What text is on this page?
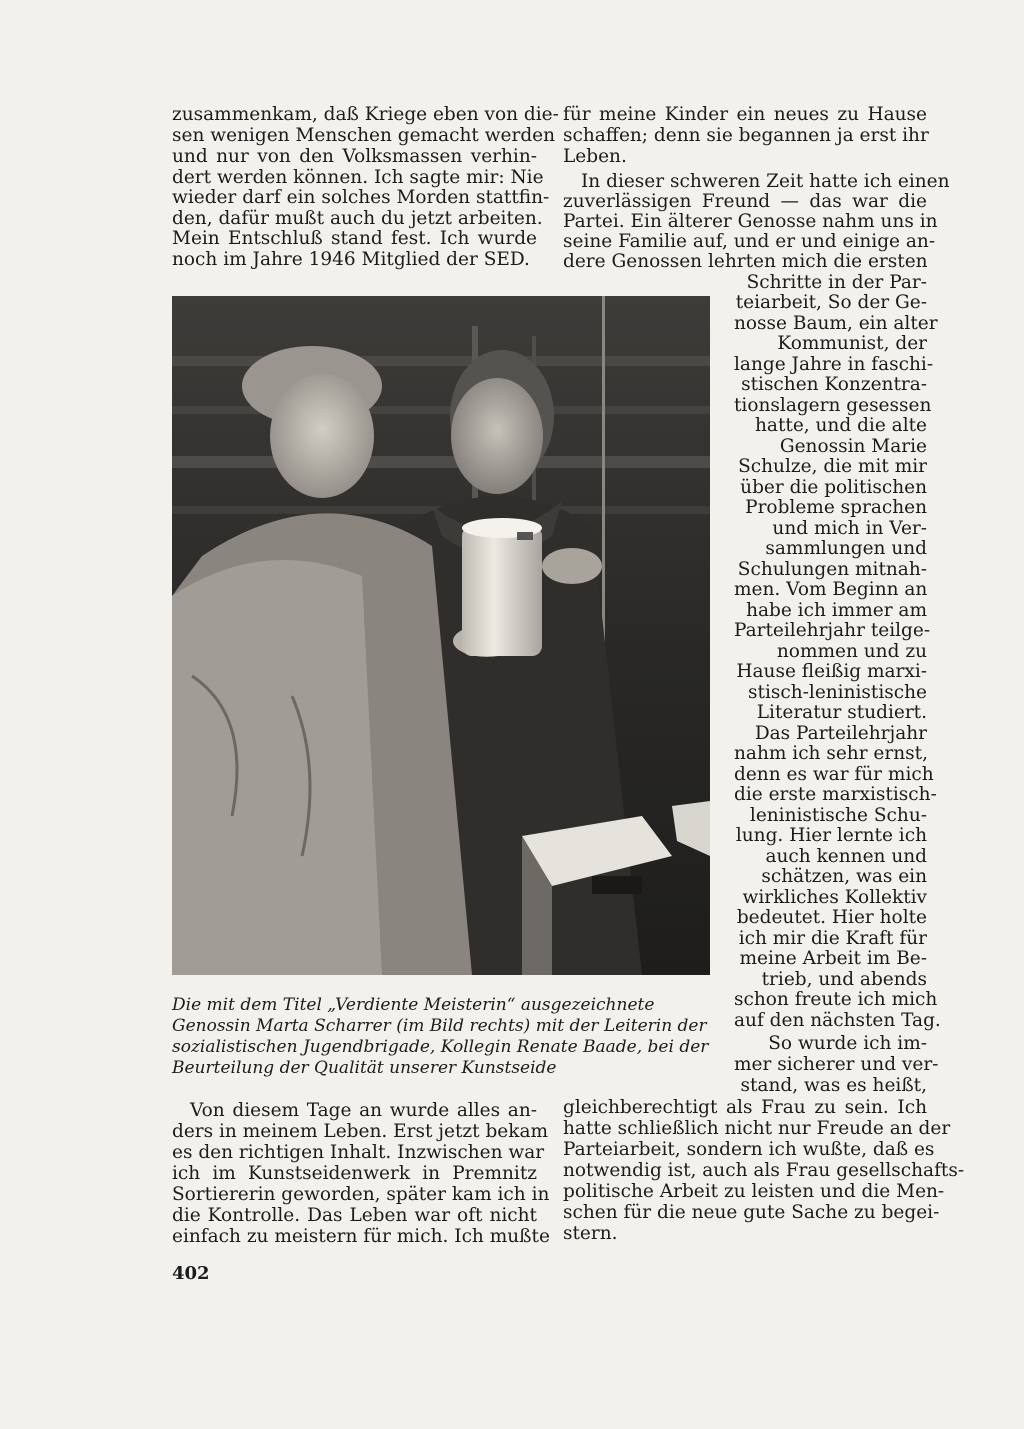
zusammenkam, daß Kriege eben von die-
sen wenigen Menschen gemacht werden
und nur von den Volksmassen verhin-
dert werden können. Ich sagte mir: Nie
wieder darf ein solches Morden stattfin-
den, dafür mußt auch du jetzt arbeiten.
Mein Entschluß stand fest. Ich wurde
noch im Jahre 1946 Mitglied der SED.
für meine Kinder ein neues zu Hause
schaffen; denn sie begannen ja erst ihr
Leben.
In dieser schweren Zeit hatte ich einen
zuverlässigen Freund — das war die
Partei. Ein älterer Genosse nahm uns in
seine Familie auf, und er und einige an-
dere Genossen lehrten mich die ersten
Schritte in der Par-
teiarbeit, So der Ge-
nosse Baum, ein alter
Kommunist, der
lange Jahre in faschi-
stischen Konzentra-
tionslagern gesessen
hatte, und die alte
Genossin Marie
Schulze, die mit mir
über die politischen
Probleme sprachen
und mich in Ver-
sammlungen und
Schulungen mitnah-
men. Vom Beginn an
habe ich immer am
Parteilehrjahr teilge-
nommen und zu
Hause fleißig marxi-
stisch-leninistische
Literatur studiert.
Das Parteilehrjahr
nahm ich sehr ernst,
denn es war für mich
die erste marxistisch-
leninistische Schu-
lung. Hier lernte ich
auch kennen und
schätzen, was ein
wirkliches Kollektiv
bedeutet. Hier holte
ich mir die Kraft für
meine Arbeit im Be-
trieb, und abends
schon freute ich mich
auf den nächsten Tag.
So wurde ich im-
mer sicherer und ver-
stand, was es heißt,
gleichberechtigt als Frau zu sein. Ich
hatte schließlich nicht nur Freude an der
Parteiarbeit, sondern ich wußte, daß es
notwendig ist, auch als Frau gesellschafts-
politische Arbeit zu leisten und die Men-
schen für die neue gute Sache zu begei-
stern.
Die mit dem Titel „Verdiente Meisterin“ ausgezeichnete
Genossin Marta Scharrer (im Bild rechts) mit der Leiterin der
sozialistischen Jugendbrigade, Kollegin Renate Baade, bei der
Beurteilung der Qualität unserer Kunstseide
Von diesem Tage an wurde alles an-
ders in meinem Leben. Erst jetzt bekam
es den richtigen Inhalt. Inzwischen war
ich im Kunstseidenwerk in Premnitz
Sortiererin geworden, später kam ich in
die Kontrolle. Das Leben war oft nicht
einfach zu meistern für mich. Ich mußte
402
